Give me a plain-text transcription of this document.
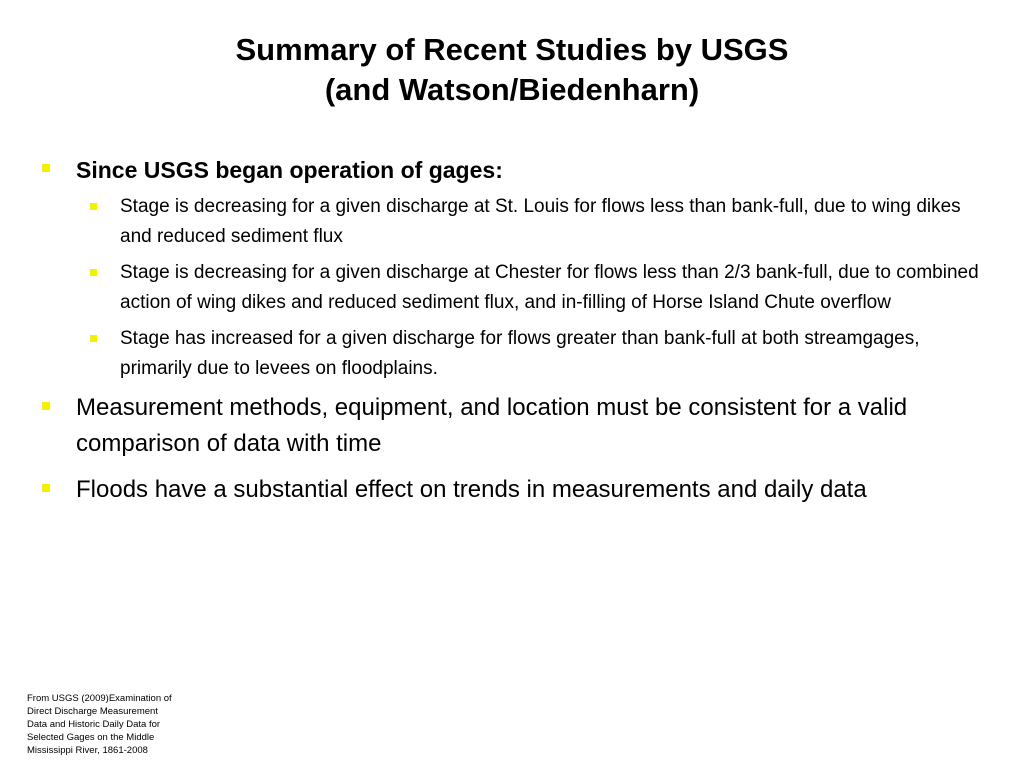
Summary of Recent Studies by USGS
(and Watson/Biedenharn)
Since USGS began operation of gages:
Stage is decreasing for a given discharge at St. Louis for flows less than bank-full, due to wing dikes and reduced sediment flux
Stage is decreasing for a given discharge at Chester for flows less than 2/3 bank-full, due to combined action of wing dikes and reduced sediment flux, and in-filling of Horse Island Chute overflow
Stage has increased for a given discharge for flows greater than bank-full at both streamgages, primarily due to levees on floodplains.
Measurement methods, equipment, and location must be consistent for a valid comparison of data with time
Floods have a substantial effect on trends in measurements and daily data
From USGS (2009)Examination of
Direct Discharge Measurement
Data and Historic Daily Data for
Selected Gages on the Middle
Mississippi River, 1861-2008
